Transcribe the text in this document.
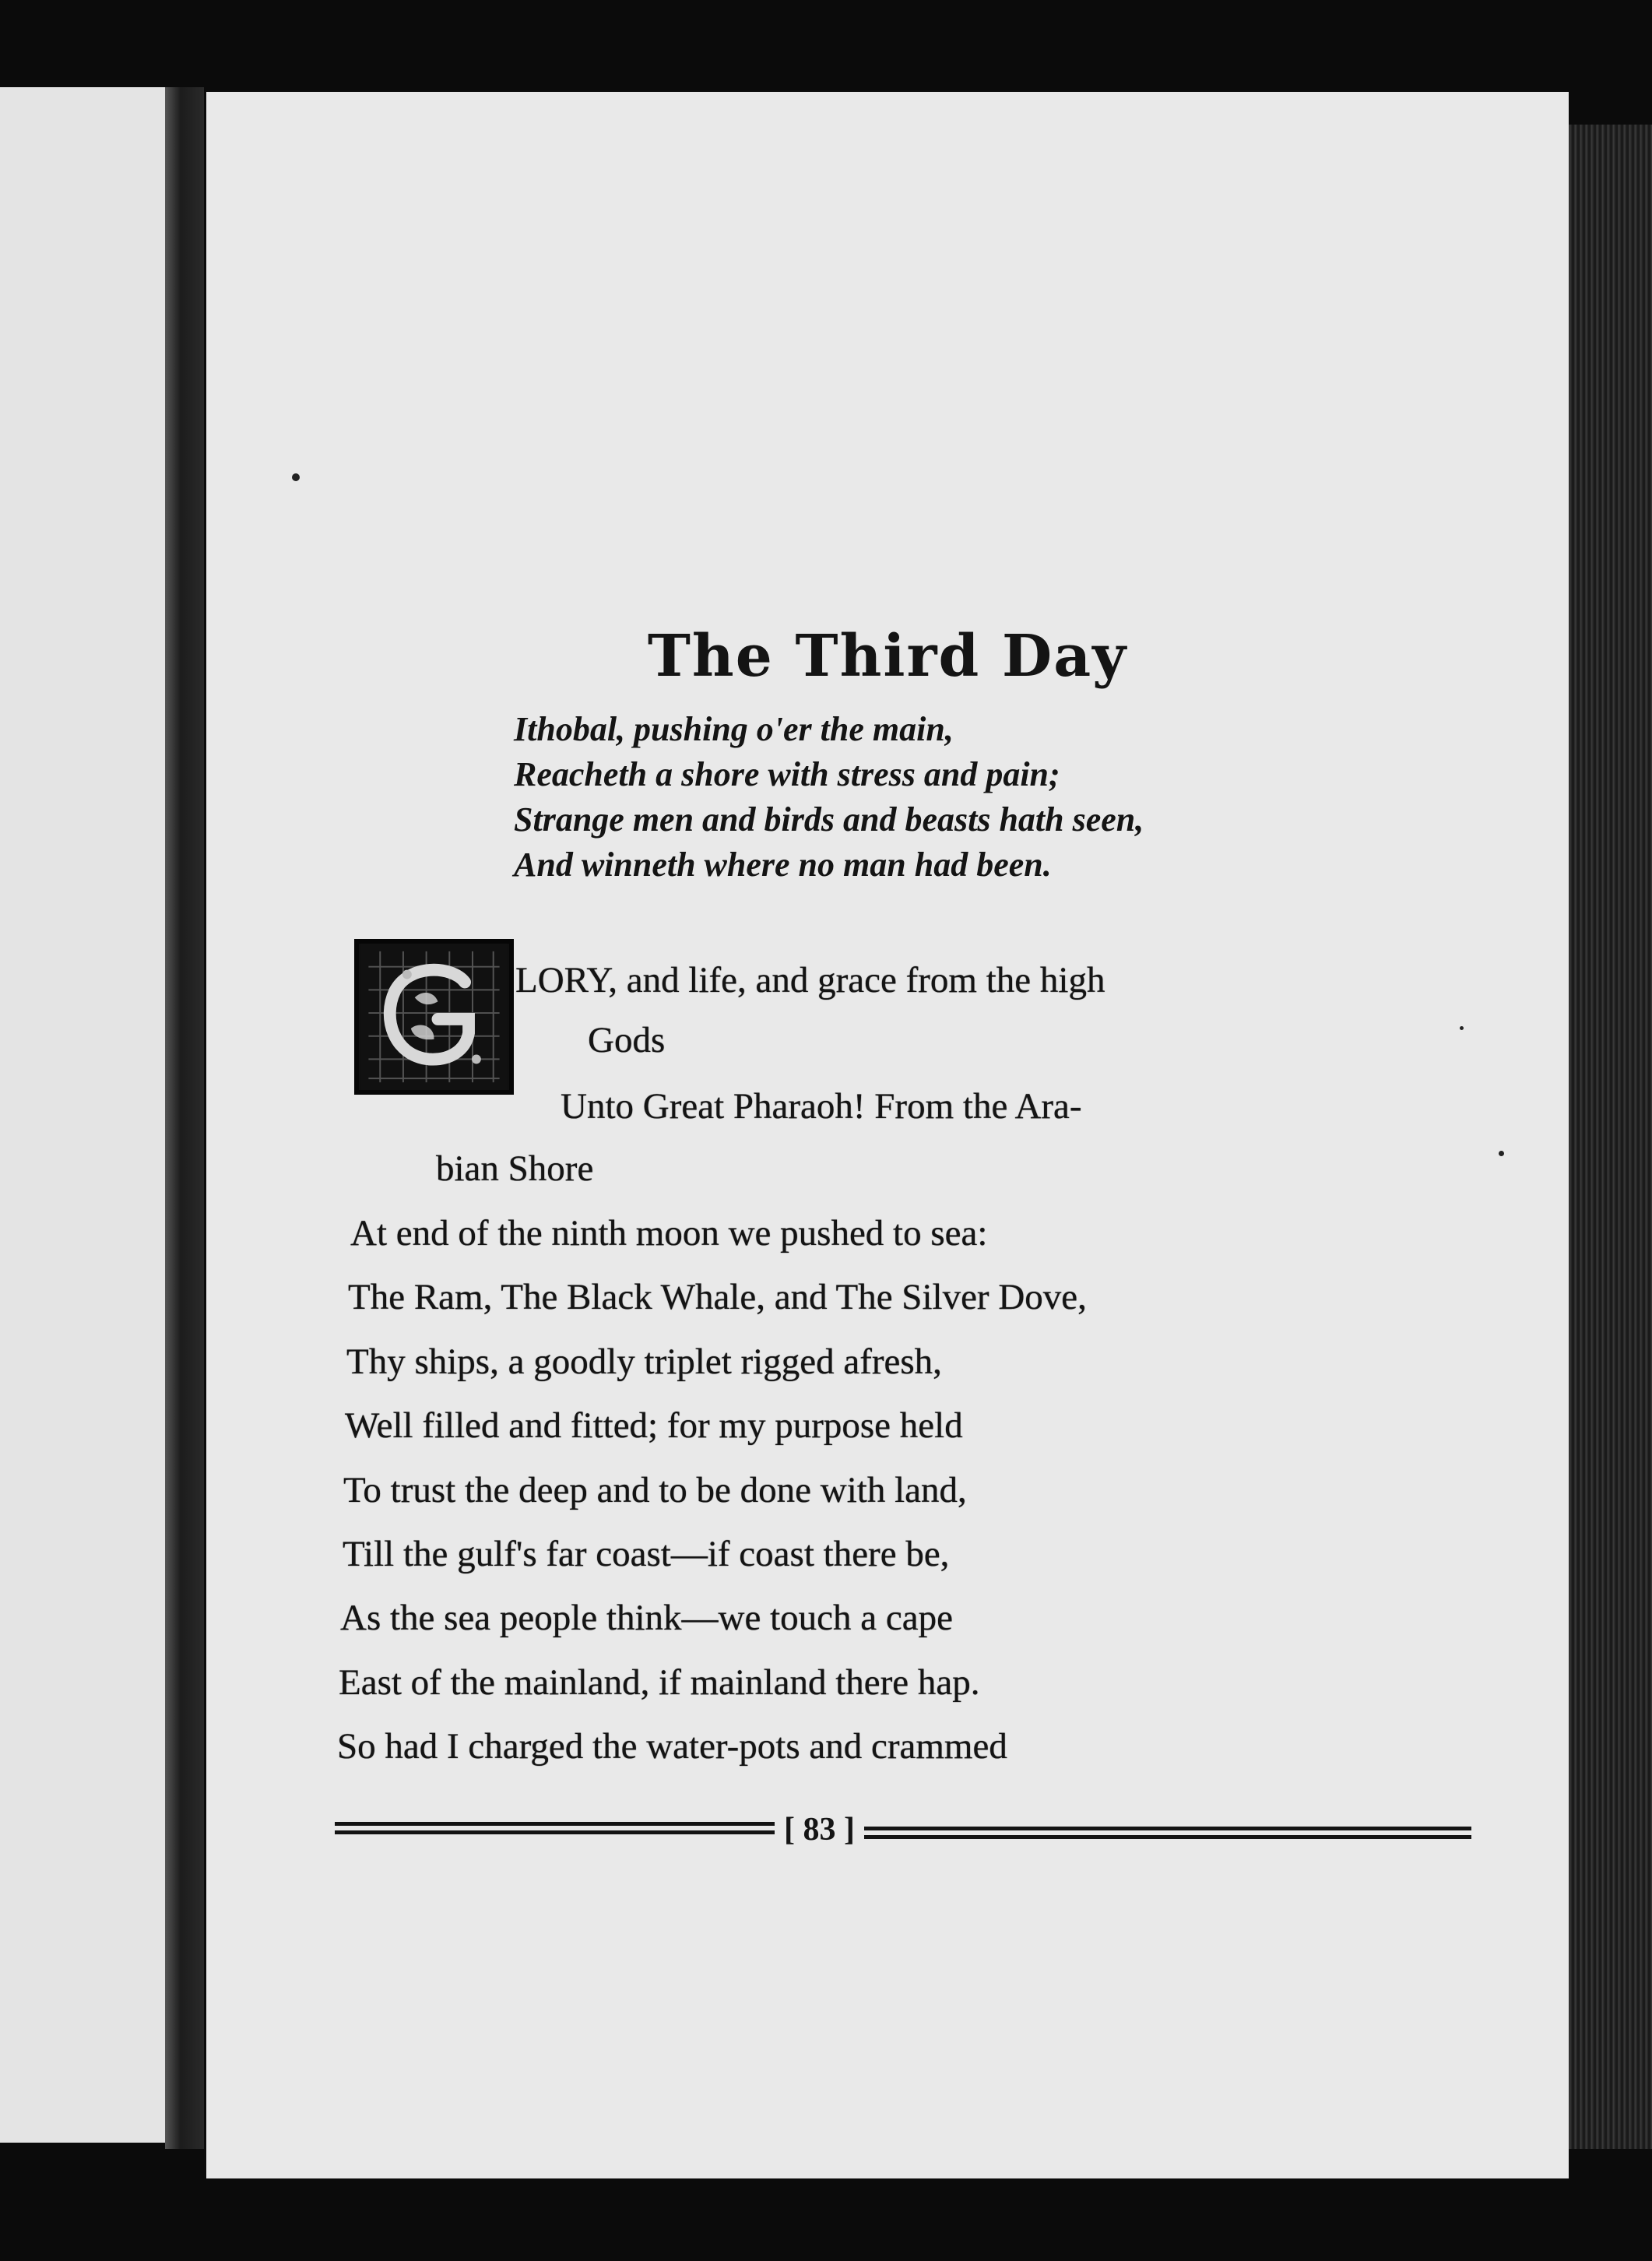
The Third Day
Ithobal, pushing o'er the main,
Reacheth a shore with stress and pain;
Strange men and birds and beasts hath seen,
And winneth where no man had been.
LORY, and life, and grace from the high
Gods
Unto Great Pharaoh! From the Ara-
bian Shore
At end of the ninth moon we pushed to sea:
The Ram, The Black Whale, and The Silver Dove,
Thy ships, a goodly triplet rigged afresh,
Well filled and fitted; for my purpose held
To trust the deep and to be done with land,
Till the gulf's far coast—if coast there be,
As the sea people think—we touch a cape
East of the mainland, if mainland there hap.
So had I charged the water-pots and crammed
[ 83 ]
